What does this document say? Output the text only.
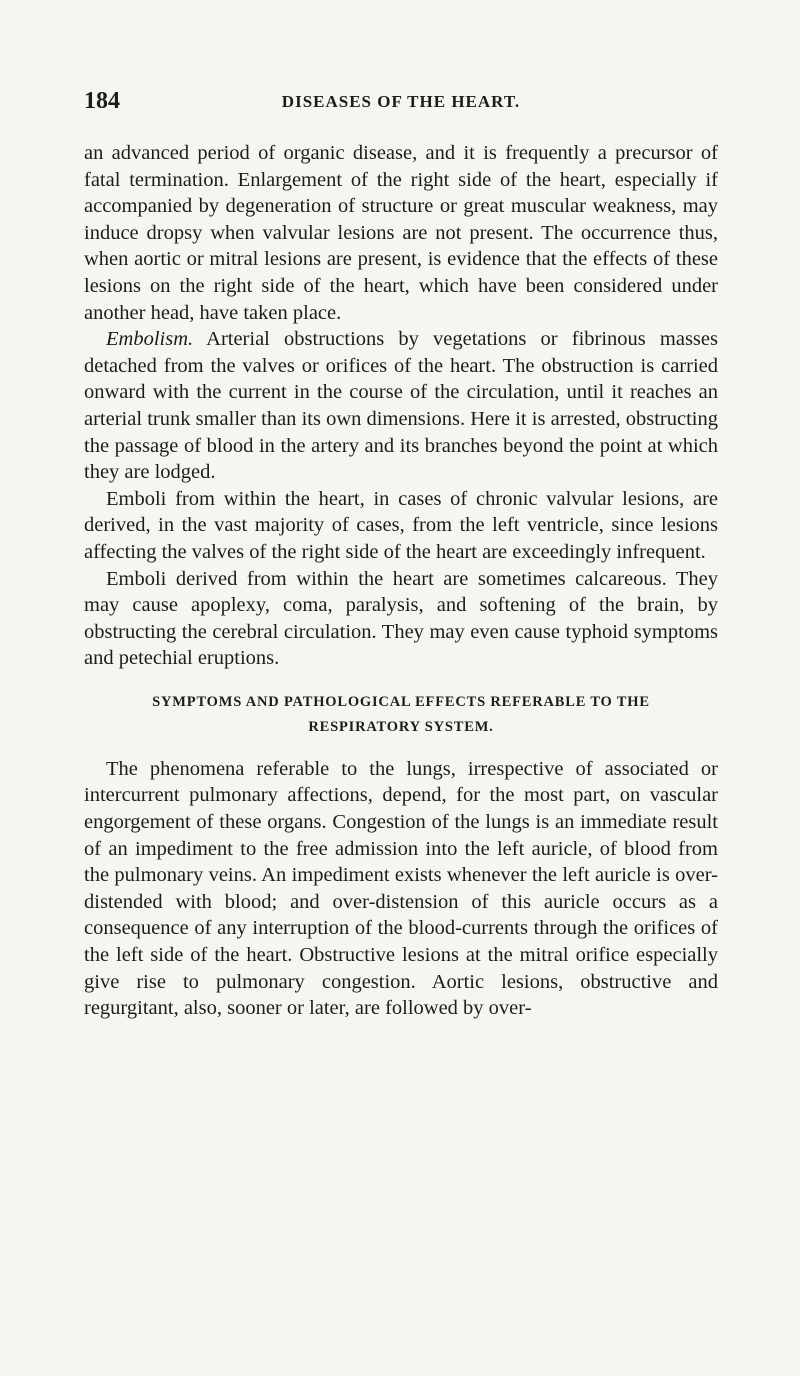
184	DISEASES OF THE HEART.

an advanced period of organic disease, and it is frequently a precursor of fatal termination. Enlargement of the right side of the heart, especially if accompanied by degeneration of structure or great muscular weakness, may induce dropsy when valvular lesions are not present. The occurrence thus, when aortic or mitral lesions are present, is evidence that the effects of these lesions on the right side of the heart, which have been considered under another head, have taken place.

Embolism. Arterial obstructions by vegetations or fibrinous masses detached from the valves or orifices of the heart. The obstruction is carried onward with the current in the course of the circulation, until it reaches an arterial trunk smaller than its own dimensions. Here it is arrested, obstructing the passage of blood in the artery and its branches beyond the point at which they are lodged.

Emboli from within the heart, in cases of chronic valvular lesions, are derived, in the vast majority of cases, from the left ventricle, since lesions affecting the valves of the right side of the heart are exceedingly infrequent.

Emboli derived from within the heart are sometimes calcareous. They may cause apoplexy, coma, paralysis, and softening of the brain, by obstructing the cerebral circulation. They may even cause typhoid symptoms and petechial eruptions.

SYMPTOMS AND PATHOLOGICAL EFFECTS REFERABLE TO THE
RESPIRATORY SYSTEM.

The phenomena referable to the lungs, irrespective of associated or intercurrent pulmonary affections, depend, for the most part, on vascular engorgement of these organs. Congestion of the lungs is an immediate result of an impediment to the free admission into the left auricle, of blood from the pulmonary veins. An impediment exists whenever the left auricle is over-distended with blood; and over-distension of this auricle occurs as a consequence of any interruption of the blood-currents through the orifices of the left side of the heart. Obstructive lesions at the mitral orifice especially give rise to pulmonary congestion. Aortic lesions, obstructive and regurgitant, also, sooner or later, are followed by over-
